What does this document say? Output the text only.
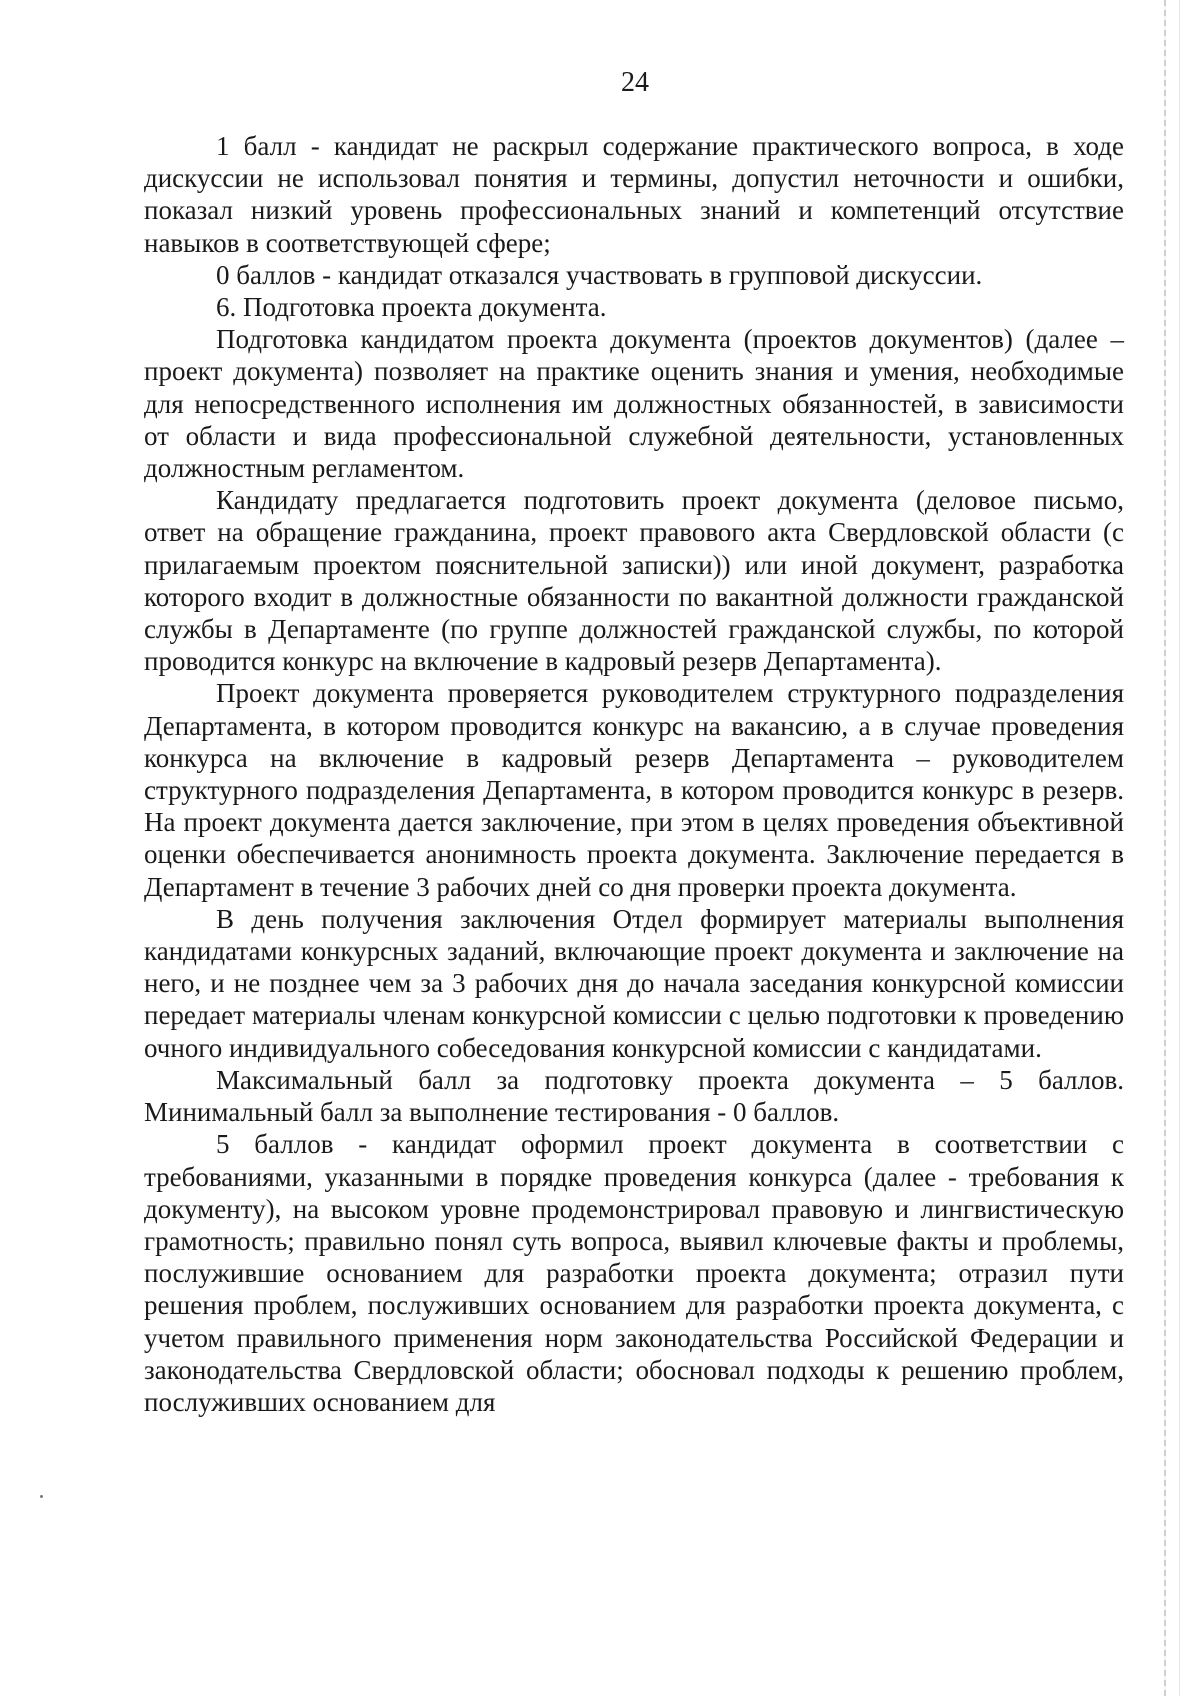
24

1 балл - кандидат не раскрыл содержание практического вопроса, в ходе дискуссии не использовал понятия и термины, допустил неточности и ошибки, показал низкий уровень профессиональных знаний и компетенций отсутствие навыков в соответствующей сфере;

0 баллов - кандидат отказался участвовать в групповой дискуссии.

6. Подготовка проекта документа.

Подготовка кандидатом проекта документа (проектов документов) (далее – проект документа) позволяет на практике оценить знания и умения, необходимые для непосредственного исполнения им должностных обязанностей, в зависимости от области и вида профессиональной служебной деятельности, установленных должностным регламентом.

Кандидату предлагается подготовить проект документа (деловое письмо, ответ на обращение гражданина, проект правового акта Свердловской области (с прилагаемым проектом пояснительной записки)) или иной документ, разработка которого входит в должностные обязанности по вакантной должности гражданской службы в Департаменте (по группе должностей гражданской службы, по которой проводится конкурс на включение в кадровый резерв Департамента).

Проект документа проверяется руководителем структурного подразделения Департамента, в котором проводится конкурс на вакансию, а в случае проведения конкурса на включение в кадровый резерв Департамента – руководителем структурного подразделения Департамента, в котором проводится конкурс в резерв. На проект документа дается заключение, при этом в целях проведения объективной оценки обеспечивается анонимность проекта документа. Заключение передается в Департамент в течение 3 рабочих дней со дня проверки проекта документа.

В день получения заключения Отдел формирует материалы выполнения кандидатами конкурсных заданий, включающие проект документа и заключение на него, и не позднее чем за 3 рабочих дня до начала заседания конкурсной комиссии передает материалы членам конкурсной комиссии с целью подготовки к проведению очного индивидуального собеседования конкурсной комиссии с кандидатами.

Максимальный балл за подготовку проекта документа – 5 баллов. Минимальный балл за выполнение тестирования - 0 баллов.

5 баллов - кандидат оформил проект документа в соответствии с требованиями, указанными в порядке проведения конкурса (далее - требования к документу), на высоком уровне продемонстрировал правовую и лингвистическую грамотность; правильно понял суть вопроса, выявил ключевые факты и проблемы, послужившие основанием для разработки проекта документа; отразил пути решения проблем, послуживших основанием для разработки проекта документа, с учетом правильного применения норм законодательства Российской Федерации и законодательства Свердловской области; обосновал подходы к решению проблем, послуживших основанием для
